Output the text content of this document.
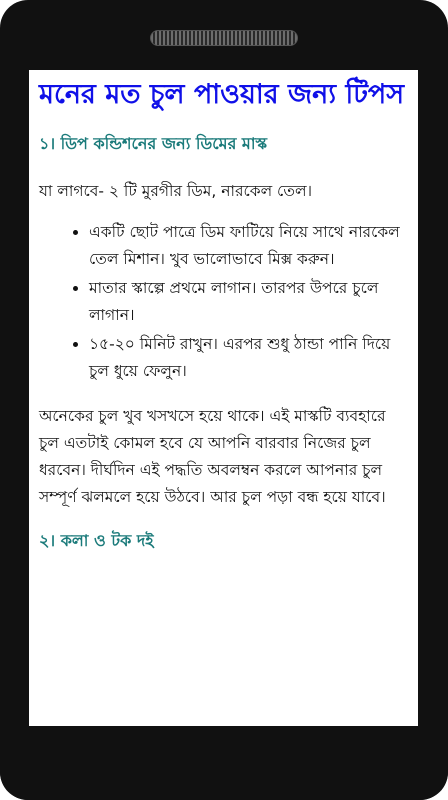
মনের মত চুল পাওয়ার জন্য টিপস
১। ডিপ কন্ডিশনের জন্য ডিমের মাস্ক

যা লাগবে- ২ টি মুরগীর ডিম, নারকেল তেল।

• একটি ছোট পাত্রে ডিম ফাটিয়ে নিয়ে সাথে নারকেল তেল মিশান। খুব ভালোভাবে মিক্স করুন।
• মাতার স্কাল্পে প্রথমে লাগান। তারপর উপরে চুলে লাগান।
• ১৫-২০ মিনিট রাখুন। এরপর শুধু ঠান্ডা পানি দিয়ে চুল ধুয়ে ফেলুন।

অনেকের চুল খুব খসখসে হয়ে থাকে। এই মাস্কটি ব্যবহারে চুল এতটাই কোমল হবে যে আপনি বারবার নিজের চুল ধরবেন। দীর্ঘদিন এই পদ্ধতি অবলম্বন করলে আপনার চুল সম্পূর্ণ ঝলমলে হয়ে উঠবে। আর চুল পড়া বন্ধ হয়ে যাবে।

২। কলা ও টক দই
